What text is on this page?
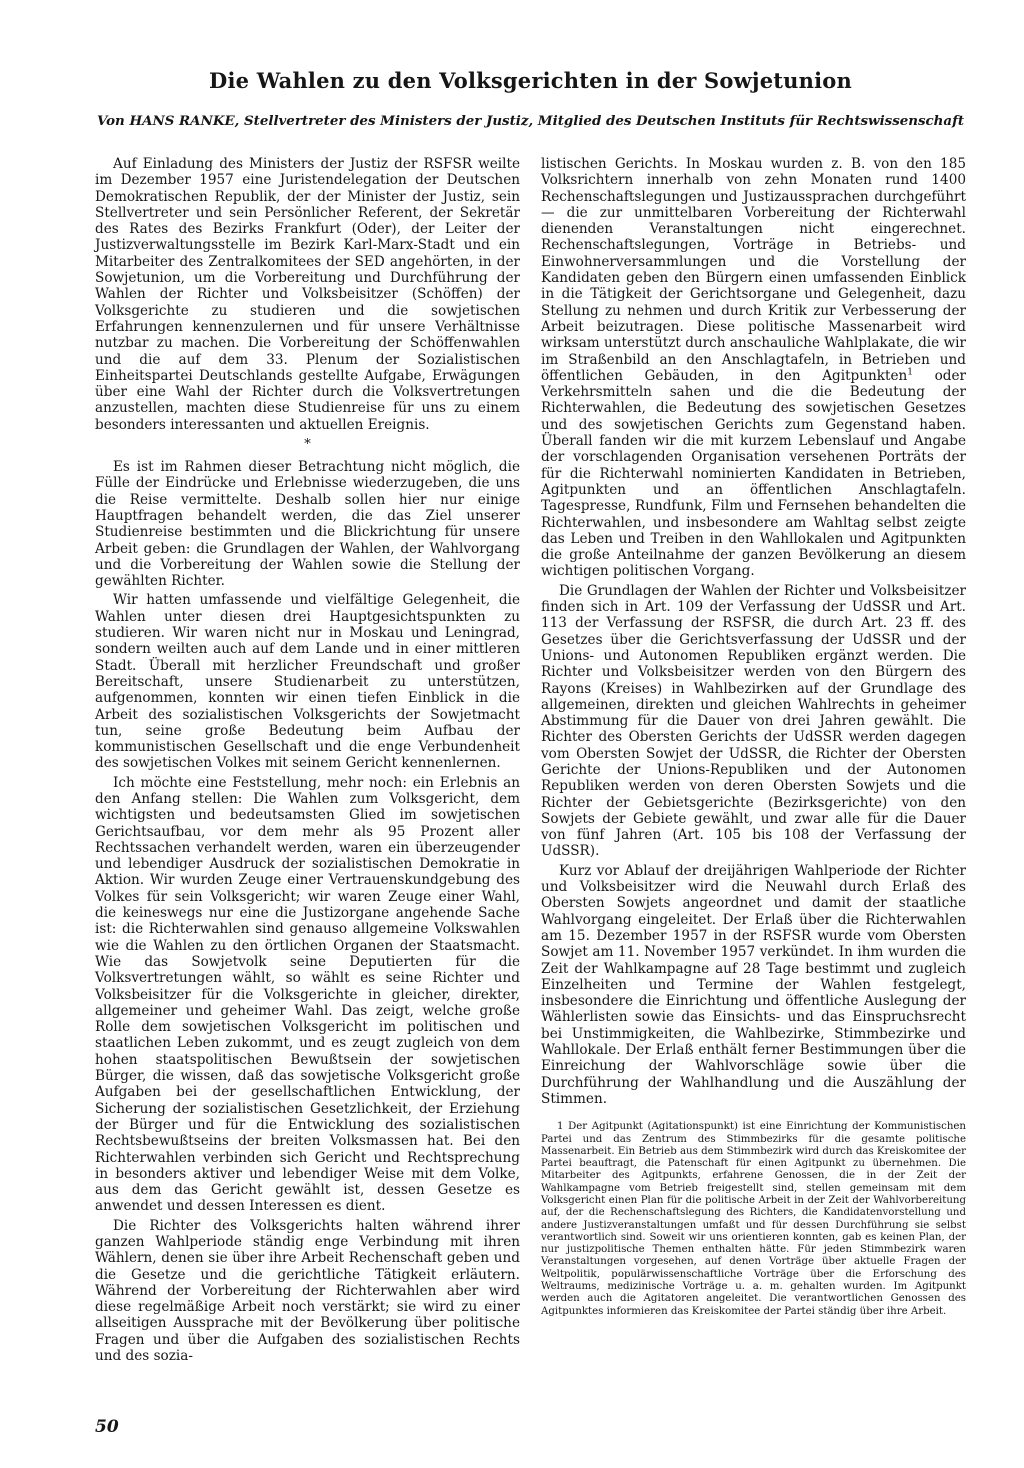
Die Wahlen zu den Volksgerichten in der Sowjetunion
Von HANS RANKE, Stellvertreter des Ministers der Justiz, Mitglied des Deutschen Instituts für Rechtswissenschaft

Auf Einladung des Ministers der Justiz der RSFSR weilte im Dezember 1957 eine Juristendelegation der Deutschen Demokratischen Republik, der der Minister der Justiz, sein Stellvertreter und sein Persönlicher Referent, der Sekretär des Rates des Bezirks Frankfurt (Oder), der Leiter der Justizverwaltungsstelle im Bezirk Karl-Marx-Stadt und ein Mitarbeiter des Zentralkomitees der SED angehörten, in der Sowjetunion, um die Vorbereitung und Durchführung der Wahlen der Richter und Volksbeisitzer (Schöffen) der Volksgerichte zu studieren und die sowjetischen Erfahrungen kennenzulernen und für unsere Verhältnisse nutzbar zu machen. Die Vorbereitung der Schöffenwahlen und die auf dem 33. Plenum der Sozialistischen Einheitspartei Deutschlands gestellte Aufgabe, Erwägungen über eine Wahl der Richter durch die Volksvertretungen anzustellen, machten diese Studienreise für uns zu einem besonders interessanten und aktuellen Ereignis.

*

Es ist im Rahmen dieser Betrachtung nicht möglich, die Fülle der Eindrücke und Erlebnisse wiederzugeben, die uns die Reise vermittelte. Deshalb sollen hier nur einige Hauptfragen behandelt werden, die das Ziel unserer Studienreise bestimmten und die Blickrichtung für unsere Arbeit geben: die Grundlagen der Wahlen, der Wahlvorgang und die Vorbereitung der Wahlen sowie die Stellung der gewählten Richter.

Wir hatten umfassende und vielfältige Gelegenheit, die Wahlen unter diesen drei Hauptgesichtspunkten zu studieren. Wir waren nicht nur in Moskau und Leningrad, sondern weilten auch auf dem Lande und in einer mittleren Stadt. Überall mit herzlicher Freundschaft und großer Bereitschaft, unsere Studienarbeit zu unterstützen, aufgenommen, konnten wir einen tiefen Einblick in die Arbeit des sozialistischen Volksgerichts der Sowjetmacht tun, seine große Bedeutung beim Aufbau der kommunistischen Gesellschaft und die enge Verbundenheit des sowjetischen Volkes mit seinem Gericht kennenlernen.

Ich möchte eine Feststellung, mehr noch: ein Erlebnis an den Anfang stellen: Die Wahlen zum Volksgericht, dem wichtigsten und bedeutsamsten Glied im sowjetischen Gerichtsaufbau, vor dem mehr als 95 Prozent aller Rechtssachen verhandelt werden, waren ein überzeugender und lebendiger Ausdruck der sozialistischen Demokratie in Aktion. Wir wurden Zeuge einer Vertrauenskundgebung des Volkes für sein Volksgericht; wir waren Zeuge einer Wahl, die keineswegs nur eine die Justizorgane angehende Sache ist: die Richterwahlen sind genauso allgemeine Volkswahlen wie die Wahlen zu den örtlichen Organen der Staatsmacht. Wie das Sowjetvolk seine Deputierten für die Volksvertretungen wählt, so wählt es seine Richter und Volksbeisitzer für die Volksgerichte in gleicher, direkter, allgemeiner und geheimer Wahl. Das zeigt, welche große Rolle dem sowjetischen Volksgericht im politischen und staatlichen Leben zukommt, und es zeugt zugleich von dem hohen staatspolitischen Bewußtsein der sowjetischen Bürger, die wissen, daß das sowjetische Volksgericht große Aufgaben bei der gesellschaftlichen Entwicklung, der Sicherung der sozialistischen Gesetzlichkeit, der Erziehung der Bürger und für die Entwicklung des sozialistischen Rechtsbewußtseins der breiten Volksmassen hat. Bei den Richterwahlen verbinden sich Gericht und Rechtsprechung in besonders aktiver und lebendiger Weise mit dem Volke, aus dem das Gericht gewählt ist, dessen Gesetze es anwendet und dessen Interessen es dient.

Die Richter des Volksgerichts halten während ihrer ganzen Wahlperiode ständig enge Verbindung mit ihren Wählern, denen sie über ihre Arbeit Rechenschaft geben und die Gesetze und die gerichtliche Tätigkeit erläutern. Während der Vorbereitung der Richterwahlen aber wird diese regelmäßige Arbeit noch verstärkt; sie wird zu einer allseitigen Aussprache mit der Bevölkerung über politische Fragen und über die Aufgaben des sozialistischen Rechts und des sozia-

listischen Gerichts. In Moskau wurden z. B. von den 185 Volksrichtern innerhalb von zehn Monaten rund 1400 Rechenschaftslegungen und Justizaussprachen durchgeführt — die zur unmittelbaren Vorbereitung der Richterwahl dienenden Veranstaltungen nicht eingerechnet. Rechenschaftslegungen, Vorträge in Betriebs- und Einwohnerversammlungen und die Vorstellung der Kandidaten geben den Bürgern einen umfassenden Einblick in die Tätigkeit der Gerichtsorgane und Gelegenheit, dazu Stellung zu nehmen und durch Kritik zur Verbesserung der Arbeit beizutragen. Diese politische Massenarbeit wird wirksam unterstützt durch anschauliche Wahlplakate, die wir im Straßenbild an den Anschlagtafeln, in Betrieben und öffentlichen Gebäuden, in den Agitpunkten$^1$ oder Verkehrsmitteln sahen und die die Bedeutung der Richterwahlen, die Bedeutung des sowjetischen Gesetzes und des sowjetischen Gerichts zum Gegenstand haben. Überall fanden wir die mit kurzem Lebenslauf und Angabe der vorschlagenden Organisation versehenen Porträts der für die Richterwahl nominierten Kandidaten in Betrieben, Agitpunkten und an öffentlichen Anschlagtafeln. Tagespresse, Rundfunk, Film und Fernsehen behandelten die Richterwahlen, und insbesondere am Wahltag selbst zeigte das Leben und Treiben in den Wahllokalen und Agitpunkten die große Anteilnahme der ganzen Bevölkerung an diesem wichtigen politischen Vorgang.

Die Grundlagen der Wahlen der Richter und Volksbeisitzer finden sich in Art. 109 der Verfassung der UdSSR und Art. 113 der Verfassung der RSFSR, die durch Art. 23 ff. des Gesetzes über die Gerichtsverfassung der UdSSR und der Unions- und Autonomen Republiken ergänzt werden. Die Richter und Volksbeisitzer werden von den Bürgern des Rayons (Kreises) in Wahlbezirken auf der Grundlage des allgemeinen, direkten und gleichen Wahlrechts in geheimer Abstimmung für die Dauer von drei Jahren gewählt. Die Richter des Obersten Gerichts der UdSSR werden dagegen vom Obersten Sowjet der UdSSR, die Richter der Obersten Gerichte der Unions-Republiken und der Autonomen Republiken werden von deren Obersten Sowjets und die Richter der Gebietsgerichte (Bezirksgerichte) von den Sowjets der Gebiete gewählt, und zwar alle für die Dauer von fünf Jahren (Art. 105 bis 108 der Verfassung der UdSSR).

Kurz vor Ablauf der dreijährigen Wahlperiode der Richter und Volksbeisitzer wird die Neuwahl durch Erlaß des Obersten Sowjets angeordnet und damit der staatliche Wahlvorgang eingeleitet. Der Erlaß über die Richterwahlen am 15. Dezember 1957 in der RSFSR wurde vom Obersten Sowjet am 11. November 1957 verkündet. In ihm wurden die Zeit der Wahlkampagne auf 28 Tage bestimmt und zugleich Einzelheiten und Termine der Wahlen festgelegt, insbesondere die Einrichtung und öffentliche Auslegung der Wählerlisten sowie das Einsichts- und das Einspruchsrecht bei Unstimmigkeiten, die Wahlbezirke, Stimmbezirke und Wahllokale. Der Erlaß enthält ferner Bestimmungen über die Einreichung der Wahlvorschläge sowie über die Durchführung der Wahlhandlung und die Auszählung der Stimmen.

1 Der Agitpunkt (Agitationspunkt) ist eine Einrichtung der Kommunistischen Partei und das Zentrum des Stimmbezirks für die gesamte politische Massenarbeit. Ein Betrieb aus dem Stimmbezirk wird durch das Kreiskomitee der Partei beauftragt, die Patenschaft für einen Agitpunkt zu übernehmen. Die Mitarbeiter des Agitpunkts, erfahrene Genossen, die in der Zeit der Wahlkampagne vom Betrieb freigestellt sind, stellen gemeinsam mit dem Volksgericht einen Plan für die politische Arbeit in der Zeit der Wahlvorbereitung auf, der die Rechenschaftslegung des Richters, die Kandidatenvorstellung und andere Justizveranstaltungen umfaßt und für dessen Durchführung sie selbst verantwortlich sind. Soweit wir uns orientieren konnten, gab es keinen Plan, der nur justizpolitische Themen enthalten hätte. Für jeden Stimmbezirk waren Veranstaltungen vorgesehen, auf denen Vorträge über aktuelle Fragen der Weltpolitik, populärwissenschaftliche Vorträge über die Erforschung des Weltraums, medizinische Vorträge u. a. m. gehalten wurden. Im Agitpunkt werden auch die Agitatoren angeleitet. Die verantwortlichen Genossen des Agitpunktes informieren das Kreiskomitee der Partei ständig über ihre Arbeit.

50
